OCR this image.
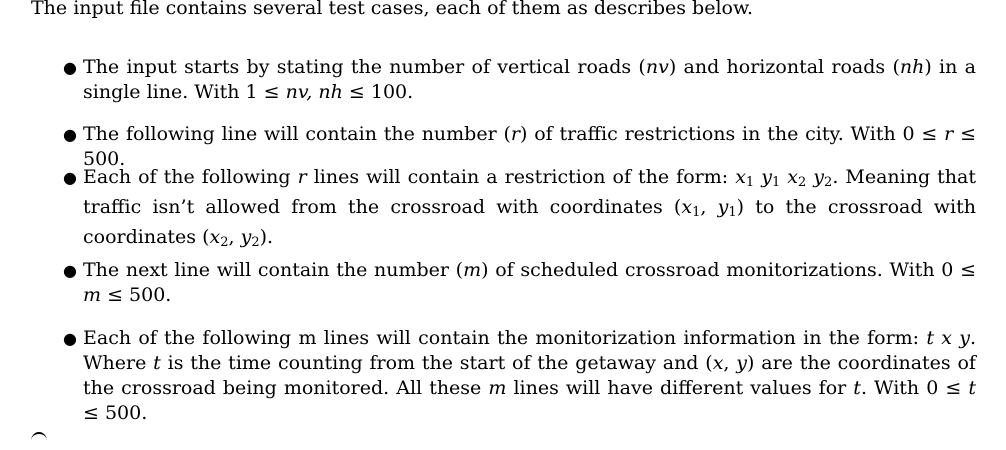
The input file contains several test cases, each of them as describes below.

● The input starts by stating the number of vertical roads (nv) and horizontal roads (nh) in a single line. With 1 ≤ nv, nh ≤ 100.
● The following line will contain the number (r) of traffic restrictions in the city. With 0 ≤ r ≤ 500.
● Each of the following r lines will contain a restriction of the form: $x_1$ $y_1$ $x_2$ $y_2$. Meaning that traffic isn’t allowed from the crossroad with coordinates ($x_1$, $y_1$) to the crossroad with coordinates ($x_2$, $y_2$).
● The next line will contain the number (m) of scheduled crossroad monitorizations. With 0 ≤ m ≤ 500.
● Each of the following m lines will contain the monitorization information in the form: t x y. Where t is the time counting from the start of the getaway and (x, y) are the coordinates of the crossroad being monitored. All these m lines will have different values for t. With 0 ≤ t ≤ 500.
